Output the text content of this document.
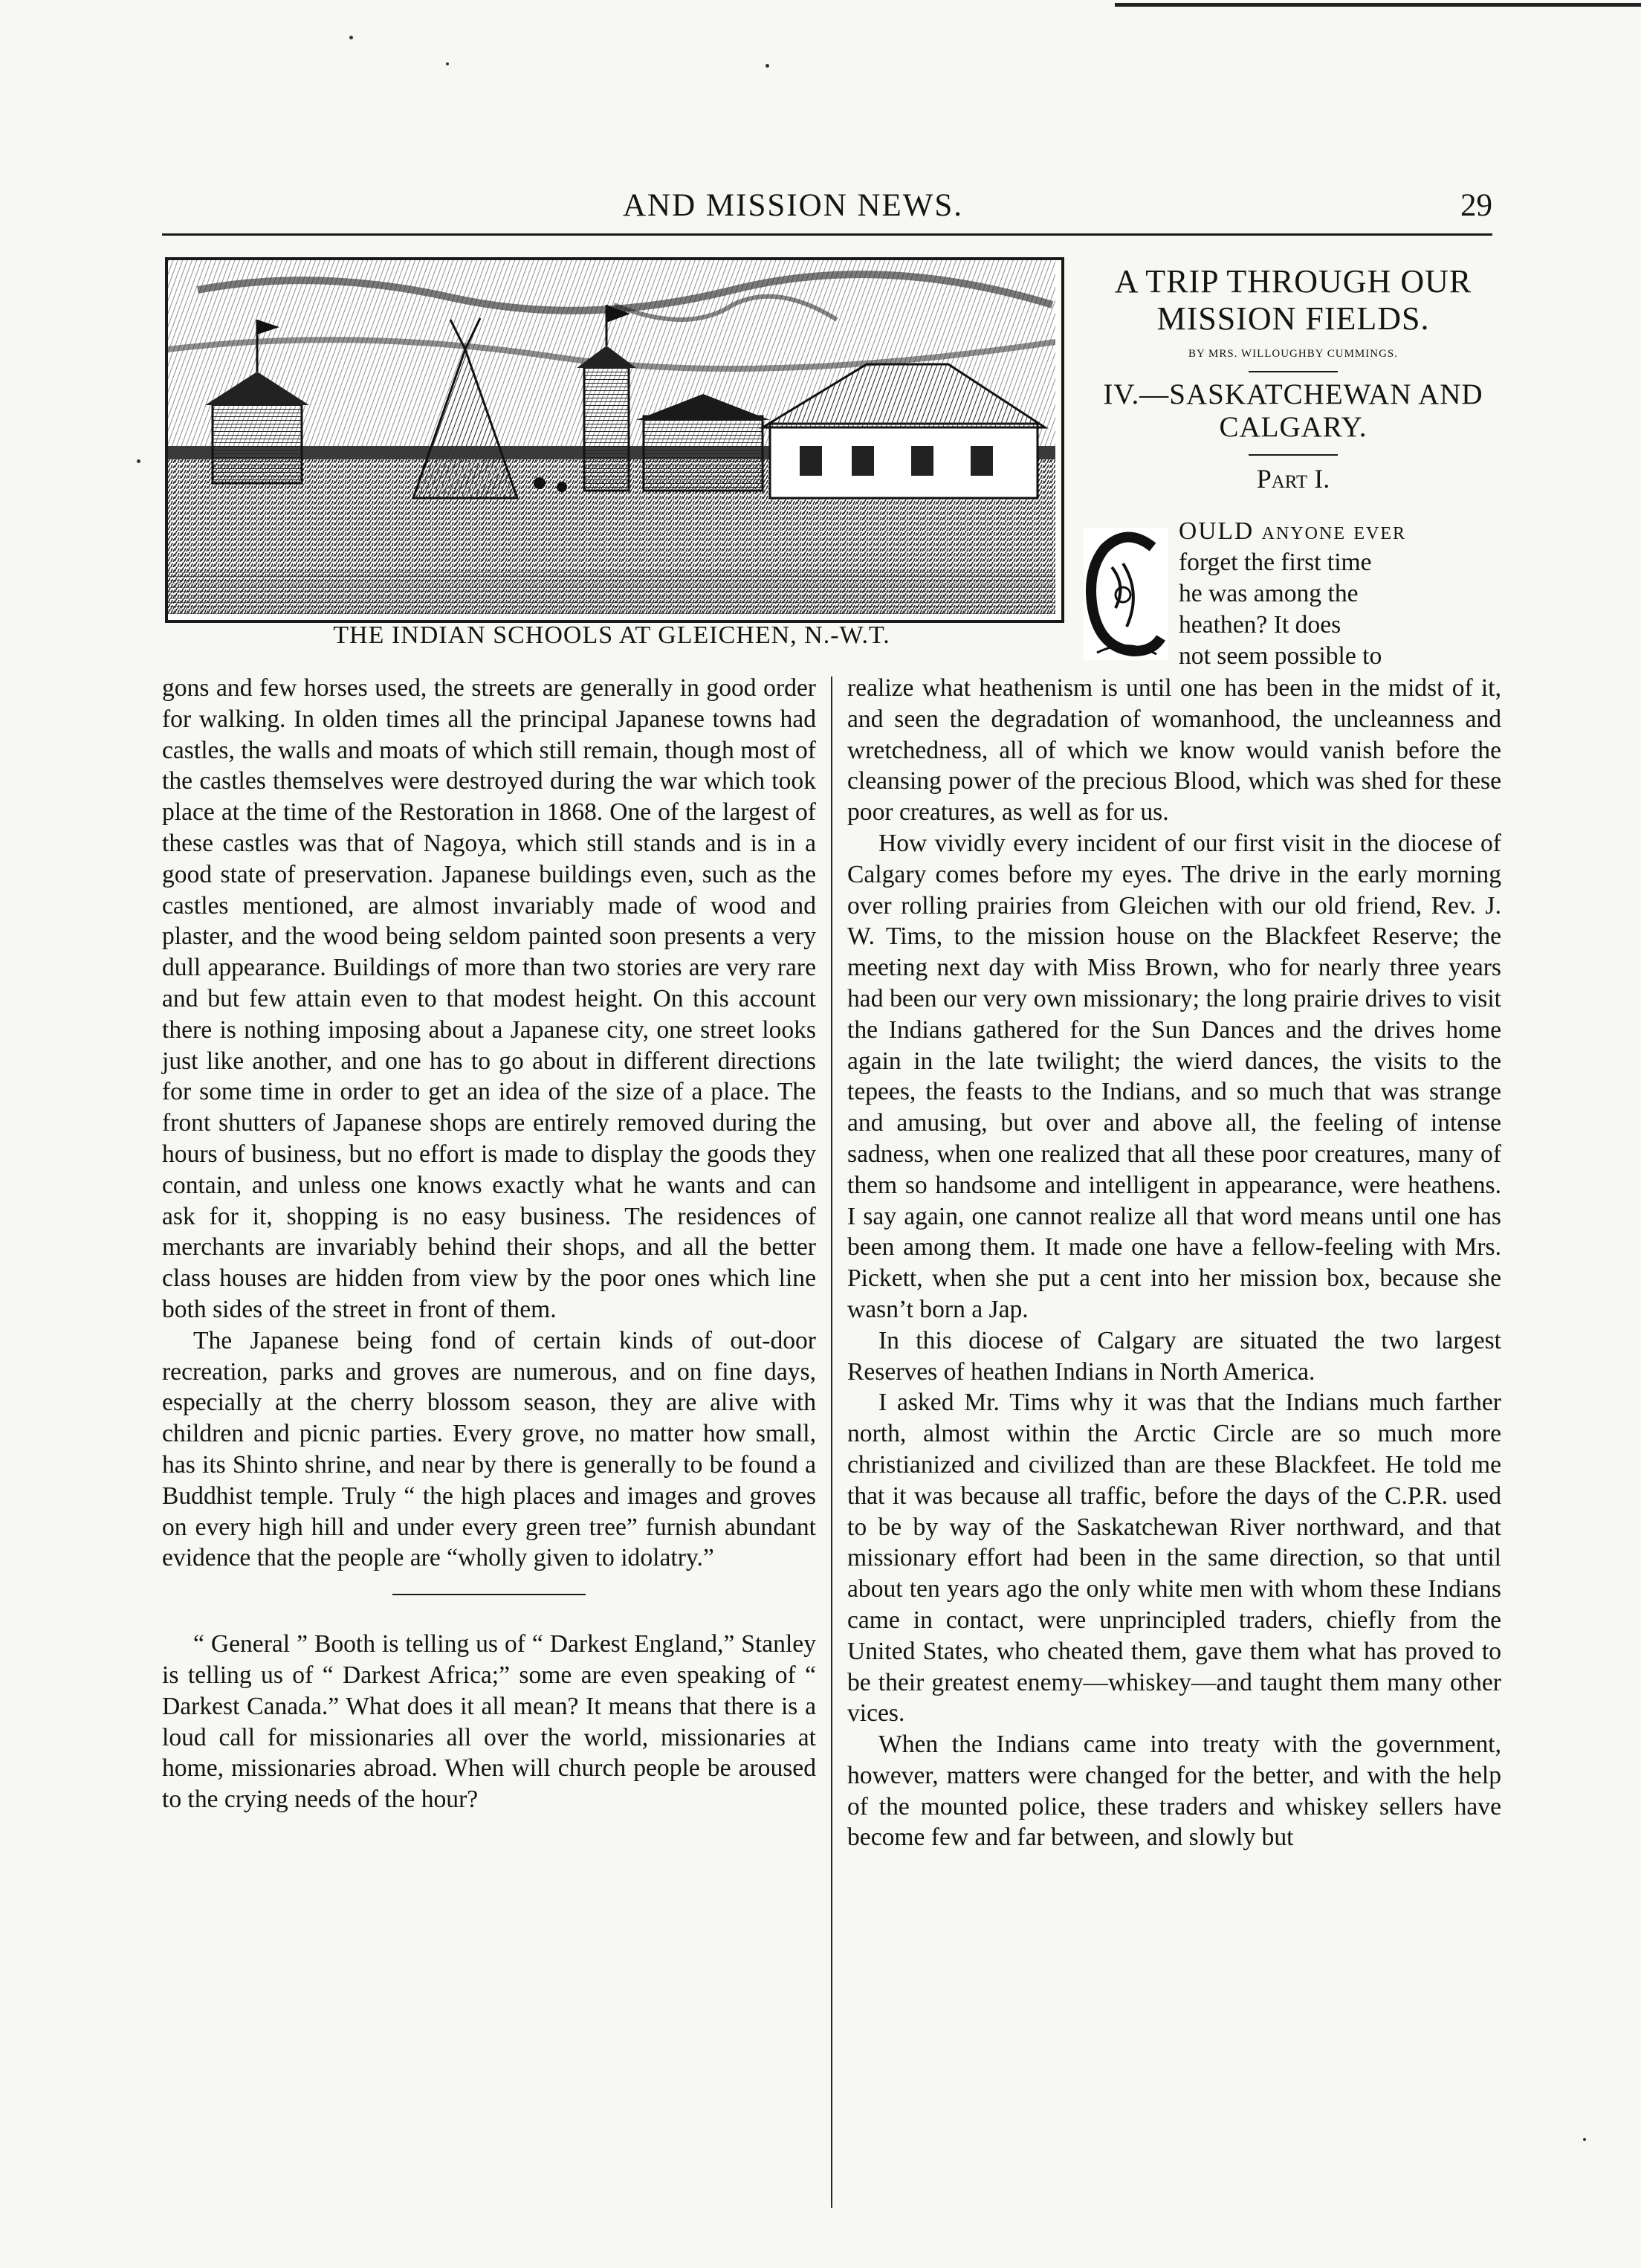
AND MISSION NEWS.	29
THE INDIAN SCHOOLS AT GLEICHEN, N.-W.T.
A TRIP THROUGH OUR
MISSION FIELDS.
BY MRS. WILLOUGHBY CUMMINGS.
IV.—SASKATCHEWAN AND
CALGARY.
Part I.
OULD anyone ever
forget the first time
he was among the
heathen? It does
not seem possible to

gons and few horses used, the streets are generally in good order for walking. In olden times all the principal Japanese towns had castles, the walls and moats of which still remain, though most of the castles themselves were destroyed during the war which took place at the time of the Restoration in 1868. One of the largest of these castles was that of Nagoya, which still stands and is in a good state of preservation. Japanese buildings even, such as the castles mentioned, are almost invariably made of wood and plaster, and the wood being seldom painted soon presents a very dull appearance. Buildings of more than two stories are very rare and but few attain even to that modest height. On this account there is nothing imposing about a Japanese city, one street looks just like another, and one has to go about in different directions for some time in order to get an idea of the size of a place. The front shutters of Japanese shops are entirely removed during the hours of business, but no effort is made to display the goods they contain, and unless one knows exactly what he wants and can ask for it, shopping is no easy business. The residences of merchants are invariably behind their shops, and all the better class houses are hidden from view by the poor ones which line both sides of the street in front of them.

The Japanese being fond of certain kinds of out-door recreation, parks and groves are numerous, and on fine days, especially at the cherry blossom season, they are alive with children and picnic parties. Every grove, no matter how small, has its Shinto shrine, and near by there is generally to be found a Buddhist temple. Truly “ the high places and images and groves on every high hill and under every green tree” furnish abundant evidence that the people are “wholly given to idolatry.”

“ General ” Booth is telling us of “ Darkest England,” Stanley is telling us of “ Darkest Africa;” some are even speaking of “ Darkest Canada.” What does it all mean? It means that there is a loud call for missionaries all over the world, missionaries at home, missionaries abroad. When will church people be aroused to the crying needs of the hour?

realize what heathenism is until one has been in the midst of it, and seen the degradation of womanhood, the uncleanness and wretchedness, all of which we know would vanish before the cleansing power of the precious Blood, which was shed for these poor creatures, as well as for us.

How vividly every incident of our first visit in the diocese of Calgary comes before my eyes. The drive in the early morning over rolling prairies from Gleichen with our old friend, Rev. J. W. Tims, to the mission house on the Blackfeet Reserve; the meeting next day with Miss Brown, who for nearly three years had been our very own missionary; the long prairie drives to visit the Indians gathered for the Sun Dances and the drives home again in the late twilight; the wierd dances, the visits to the tepees, the feasts to the Indians, and so much that was strange and amusing, but over and above all, the feeling of intense sadness, when one realized that all these poor creatures, many of them so handsome and intelligent in appearance, were heathens. I say again, one cannot realize all that word means until one has been among them. It made one have a fellow-feeling with Mrs. Pickett, when she put a cent into her mission box, because she wasn’t born a Jap.

In this diocese of Calgary are situated the two largest Reserves of heathen Indians in North America.

I asked Mr. Tims why it was that the Indians much farther north, almost within the Arctic Circle are so much more christianized and civilized than are these Blackfeet. He told me that it was because all traffic, before the days of the C.P.R. used to be by way of the Saskatchewan River northward, and that missionary effort had been in the same direction, so that until about ten years ago the only white men with whom these Indians came in contact, were unprincipled traders, chiefly from the United States, who cheated them, gave them what has proved to be their greatest enemy—whiskey—and taught them many other vices.

When the Indians came into treaty with the government, however, matters were changed for the better, and with the help of the mounted police, these traders and whiskey sellers have become few and far between, and slowly but
